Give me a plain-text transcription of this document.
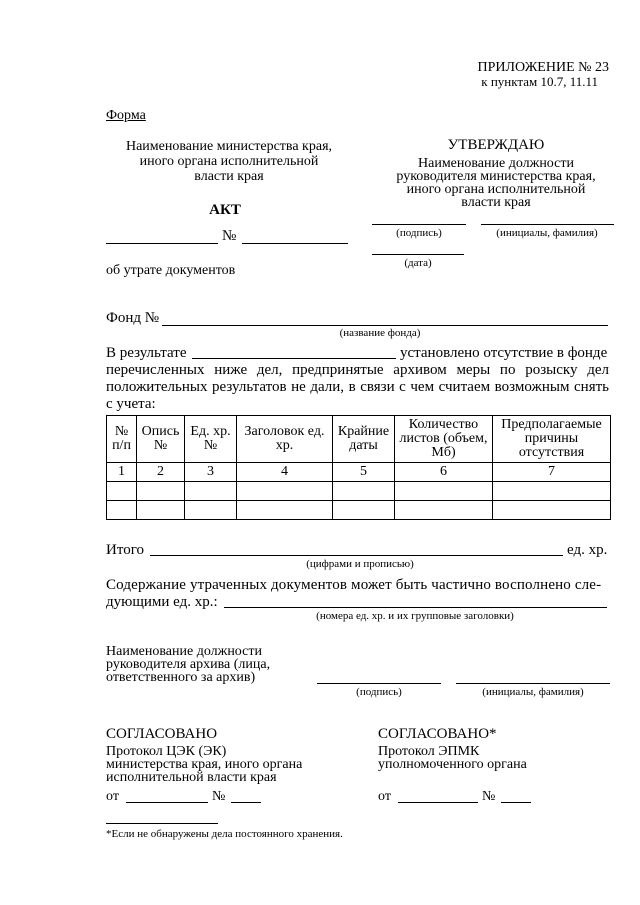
ПРИЛОЖЕНИЕ № 23
к пунктам 10.7, 11.11
Форма
Наименование министерства края,
иного органа исполнительной
власти края
АКТ
№
об утрате документов
УТВЕРЖДАЮ
Наименование должности
руководителя министерства края,
иного органа исполнительной
власти края
(подпись)	(инициалы, фамилия)
(дата)
Фонд №
(название фонда)
В результате	установлено отсутствие в фонде
перечисленных ниже дел, предпринятые архивом меры по розыску дел положительных результатов не дали, в связи с чем считаем возможным снять с учета:
№ п/п	Опись №	Ед. хр. №	Заголовок ед. хр.	Крайние даты	Количество листов (объем, Мб)	Предполагаемые причины отсутствия
1	2	3	4	5	6	7

Итого	ед. хр.
(цифрами и прописью)
Содержание утраченных документов может быть частично восполнено сле-
дующими ед. хр.:
(номера ед. хр. и их групповые заголовки)
Наименование должности
руководителя архива (лица,
ответственного за архив)
(подпись)	(инициалы, фамилия)
СОГЛАСОВАНО
Протокол ЦЭК (ЭК)
министерства края, иного органа
исполнительной власти края
от	№
СОГЛАСОВАНО*
Протокол ЭПМК
уполномоченного органа
от	№
*Если не обнаружены дела постоянного хранения.
